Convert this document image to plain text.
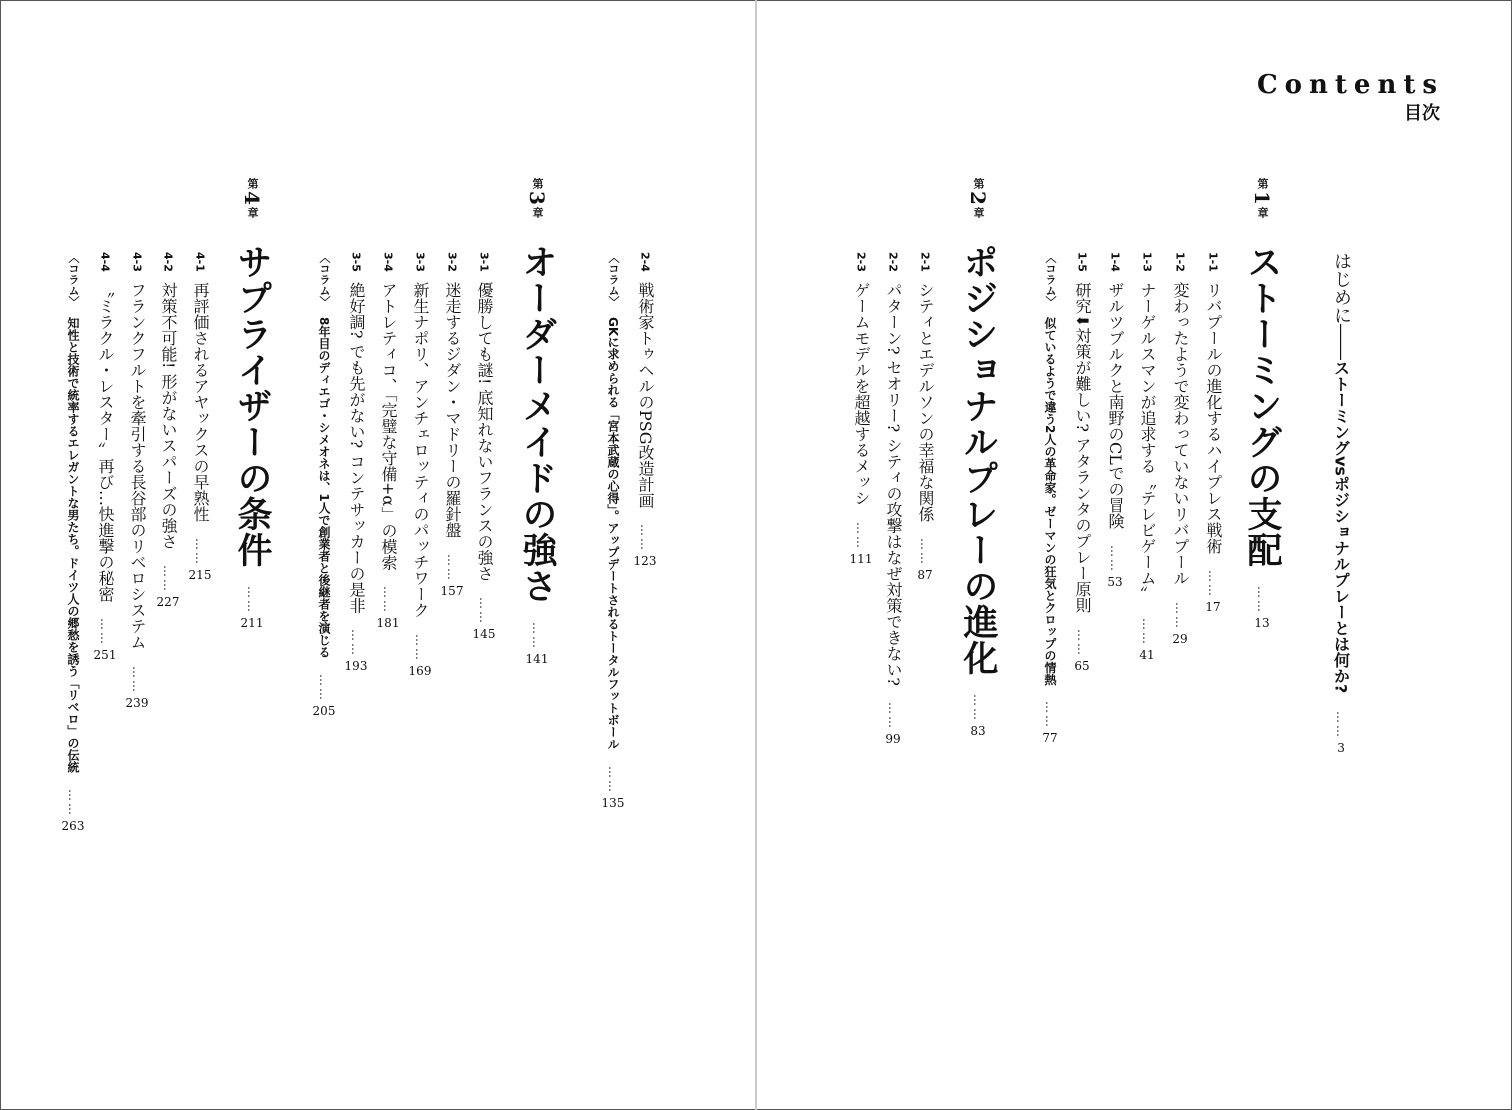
Contents
目次
はじめに――
ストーミングvsポジショナルプレーとは何か?
……
3
第
1
章
ストーミングの支配
……
13
1-1
リバプールの進化するハイプレス戦術
……
17
1-2
変わったようで変わっていないリバプール
……
29
1-3
ナーゲルスマンが追求する〝テレビゲーム〟
……
41
1-4
ザルツブルクと南野のCLでの冒険
……
53
1-5
研究⬇対策が難しい? アタランタのプレー原則
……
65
〈コラム〉
似ているようで違う2人の革命家。ゼーマンの狂気とクロップの情熱
……
77
第
2
章
ポジショナルプレーの進化
……
83
2-1
シティとエデルソンの幸福な関係
……
87
2-2
パターン? セオリー? シティの攻撃はなぜ対策できない?
……
99
2-3
ゲームモデルを超越するメッシ
……
111
2-4
戦術家トゥヘルのPSG改造計画
……
123
〈コラム〉
GKに求められる「宮本武蔵の心得」。アップデートされるトータルフットボール
……
135
第
3
章
オーダーメイドの強さ
……
141
3-1
優勝しても謎! 底知れないフランスの強さ
……
145
3-2
迷走するジダン・マドリーの羅針盤
……
157
3-3
新生ナポリ、アンチェロッティのパッチワーク
……
169
3-4
アトレティコ、「完璧な守備+α」の模索
……
181
3-5
絶好調? でも先がない? コンテサッカーの是非
……
193
〈コラム〉
8年目のディエゴ・シメオネは、1人で創業者と後継者を演じる
……
205
第
4
章
サプライザーの条件
……
211
4-1
再評価されるアヤックスの早熟性
……
215
4-2
対策不可能! 形がないスパーズの強さ
……
227
4-3
フランクフルトを牽引する長谷部のリベロシステム
……
239
4-4
〝ミラクル・レスター〟再び…快進撃の秘密
……
251
〈コラム〉
知性と技術で統率するエレガントな男たち。ドイツ人の郷愁を誘う「リベロ」の伝統
……
263
